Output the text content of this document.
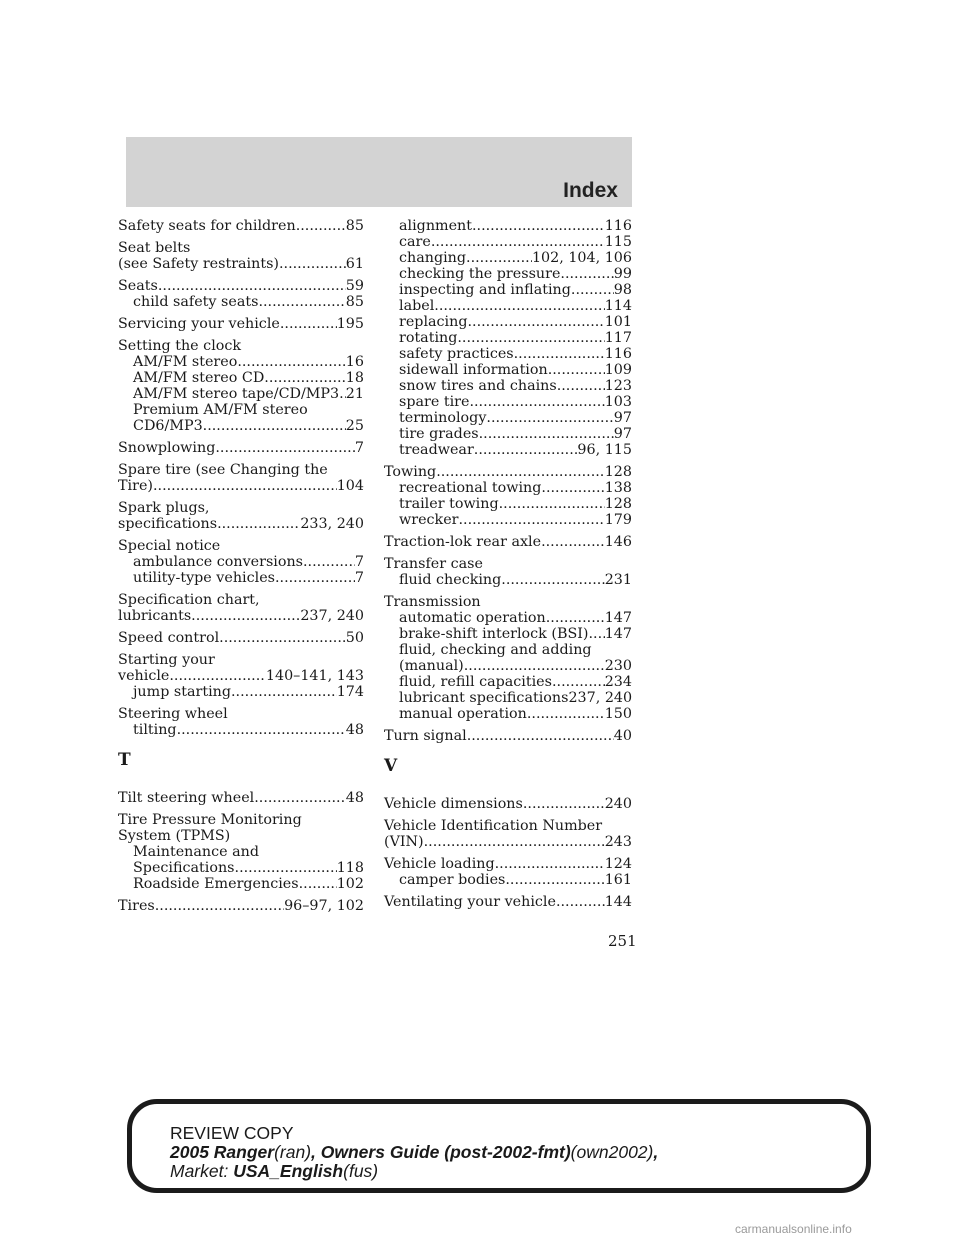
Index
Safety seats for children .....	85
Seat belts
(see Safety restraints) .....	61
Seats .....	59
child safety seats .....	85
Servicing your vehicle .....	195
Setting the clock
AM/FM stereo .....	16
AM/FM stereo CD .....	18
AM/FM stereo tape/CD/MP3 ..... 21
Premium AM/FM stereo
CD6/MP3 .....	25
Snowplowing .....	7
Spare tire (see Changing the
Tire) .....	104
Spark plugs,
specifications .....	233, 240
Special notice
ambulance conversions .....	7
utility-type vehicles .....	7
Specification chart,
lubricants .....	237, 240
Speed control .....	50
Starting your
vehicle .....	140–141, 143
jump starting .....	174
Steering wheel
tilting .....	48
T
Tilt steering wheel .....	48
Tire Pressure Monitoring
System (TPMS)
Maintenance and
Specifications .....	118
Roadside Emergencies .....	102
Tires .....	96–97, 102
alignment .....	116
care .....	115
changing .....	102, 104, 106
checking the pressure .....	99
inspecting and inflating .....	98
label .....	114
replacing .....	101
rotating .....	117
safety practices .....	116
sidewall information .....	109
snow tires and chains .....	123
spare tire .....	103
terminology .....	97
tire grades .....	97
treadwear .....	96, 115
Towing .....	128
recreational towing .....	138
trailer towing .....	128
wrecker .....	179
Traction-lok rear axle .....	146
Transfer case
fluid checking .....	231
Transmission
automatic operation .....	147
brake-shift interlock (BSI) ..... 147
fluid, checking and adding
(manual) .....	230
fluid, refill capacities .....	234
lubricant specifications 237, 240
manual operation .....	150
Turn signal .....	40
V
Vehicle dimensions .....	240
Vehicle Identification Number
(VIN) .....	243
Vehicle loading .....	124
camper bodies .....	161
Ventilating your vehicle .....	144
251
REVIEW COPY
2005 Ranger(ran), Owners Guide (post-2002-fmt)(own2002),
Market: USA_English(fus)
carmanualsonline.info
